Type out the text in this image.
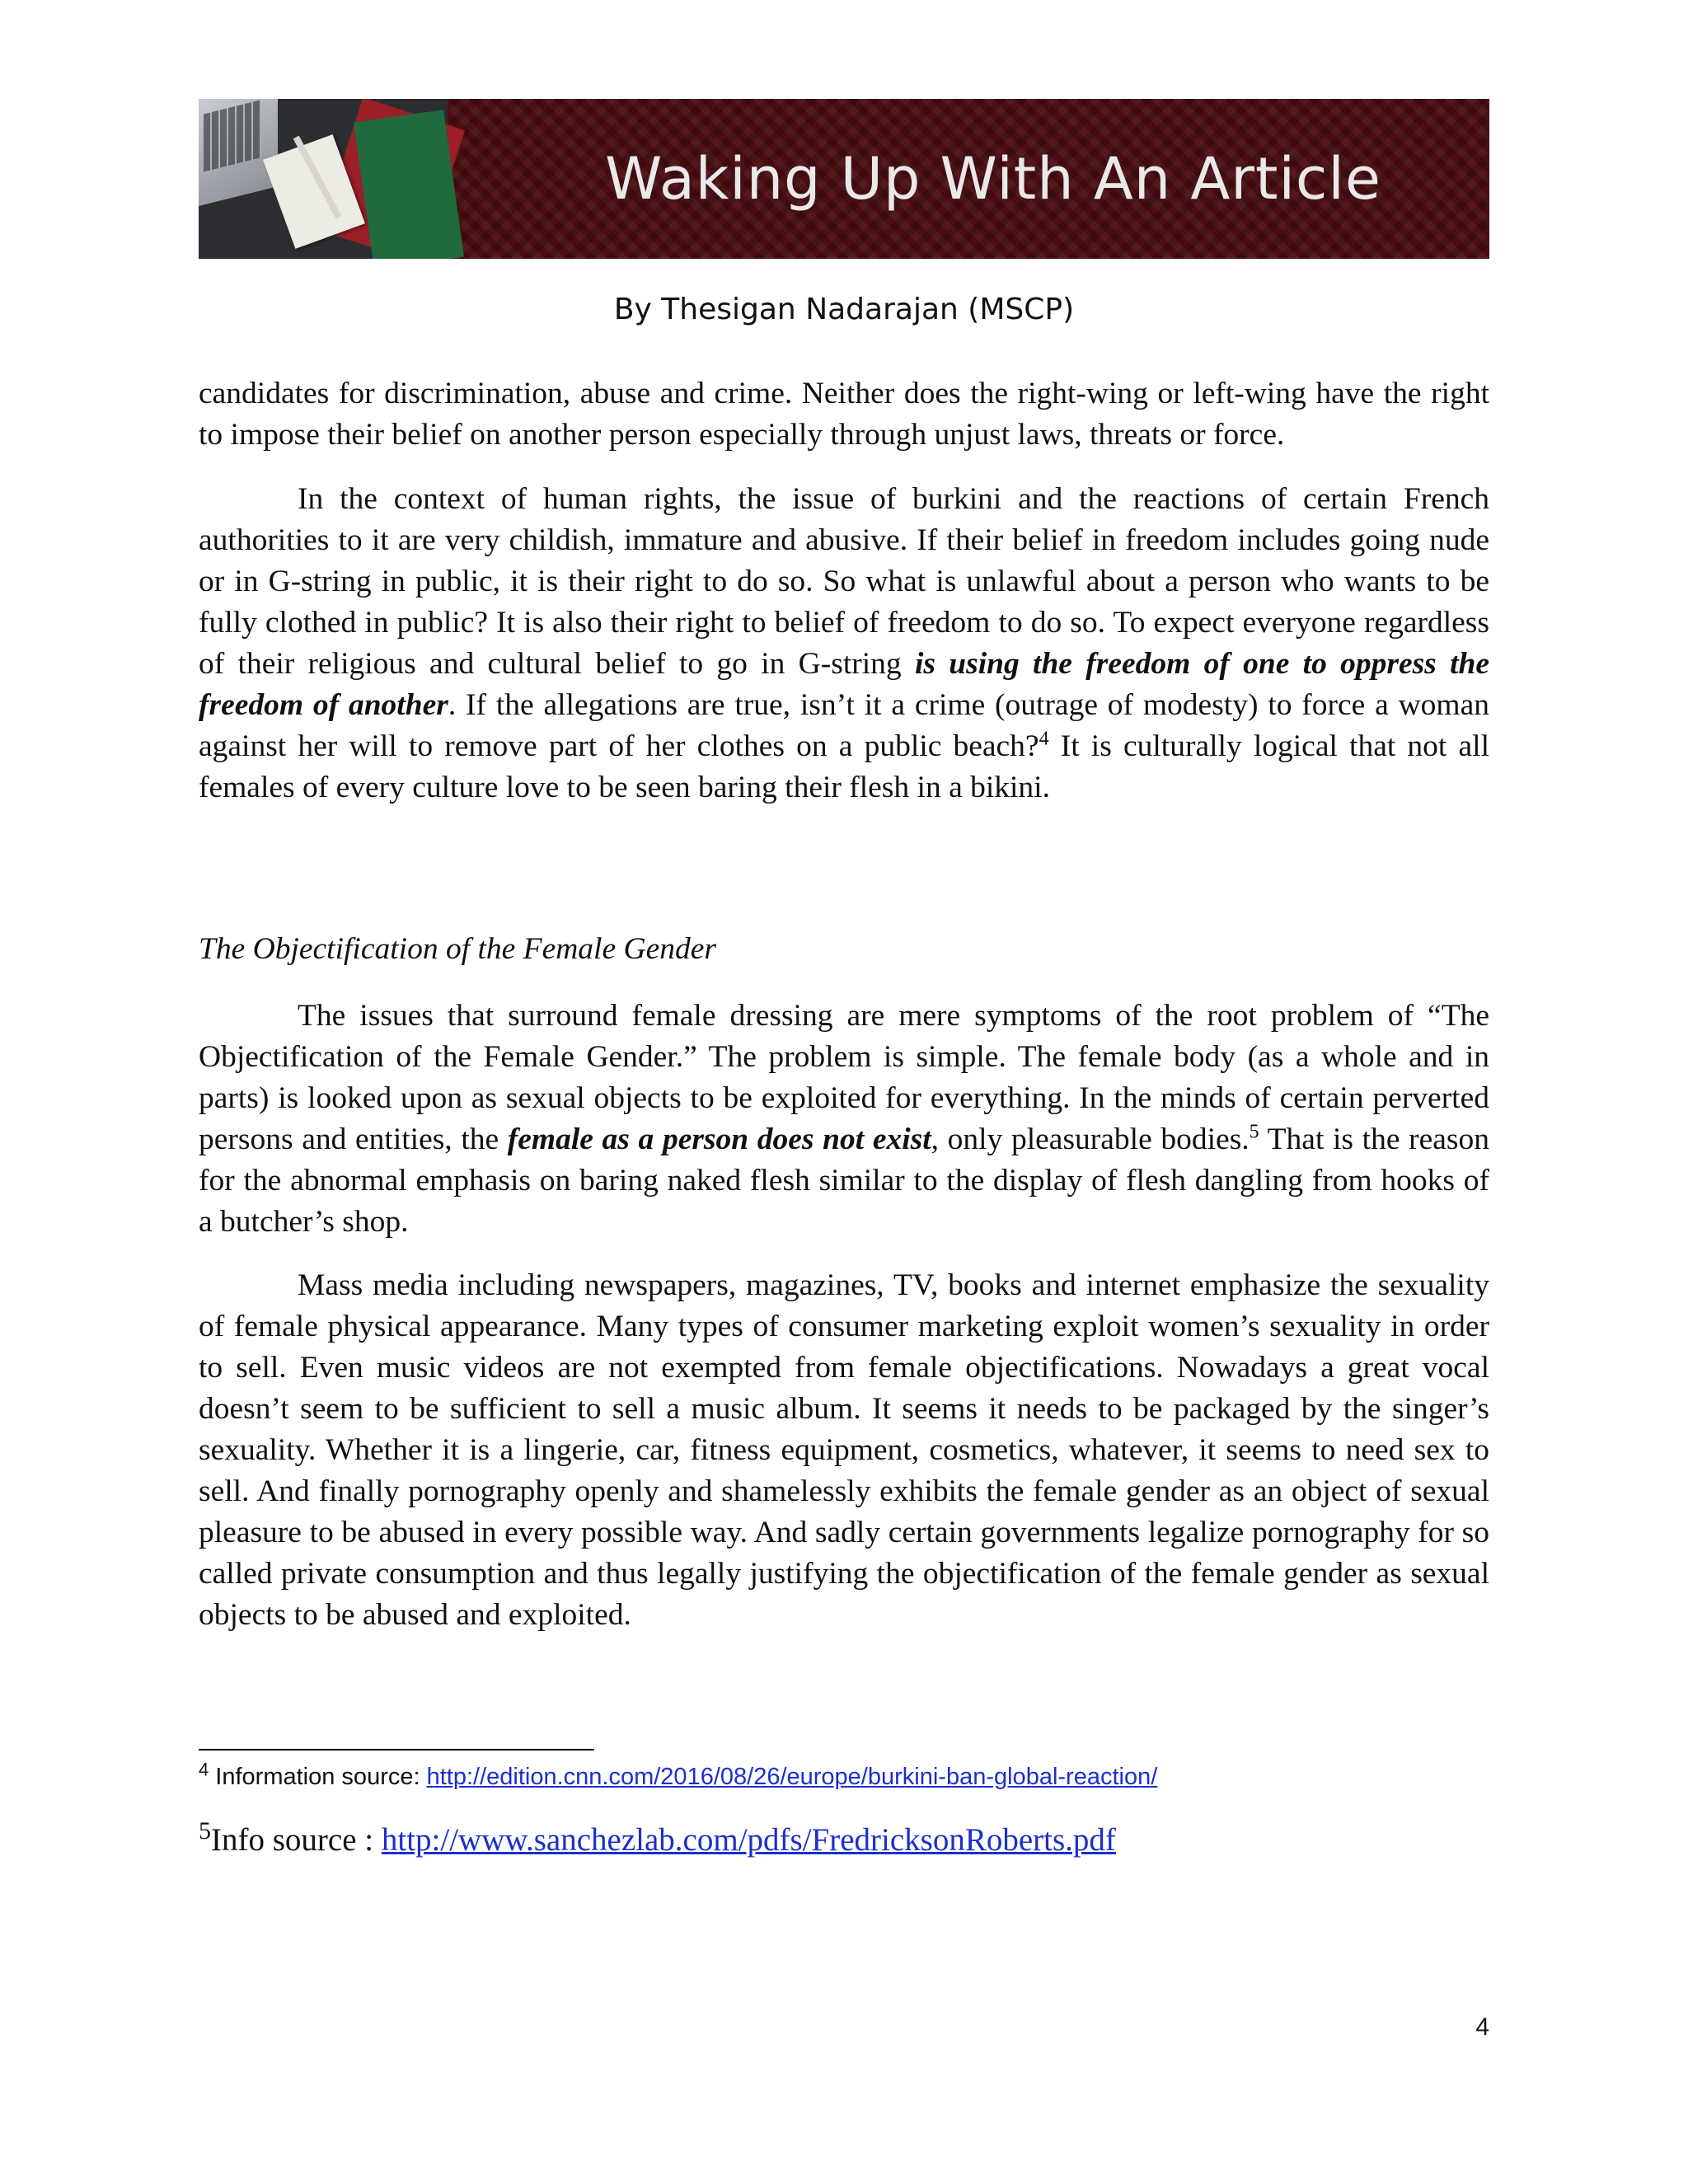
Waking Up With An Article
By Thesigan Nadarajan (MSCP)

candidates for discrimination, abuse and crime. Neither does the right-wing or left-wing have the right to impose their belief on another person especially through unjust laws, threats or force.

In the context of human rights, the issue of burkini and the reactions of certain French authorities to it are very childish, immature and abusive. If their belief in freedom includes going nude or in G-string in public, it is their right to do so. So what is unlawful about a person who wants to be fully clothed in public? It is also their right to belief of freedom to do so. To expect everyone regardless of their religious and cultural belief to go in G-string is using the freedom of one to oppress the freedom of another. If the allegations are true, isn’t it a crime (outrage of modesty) to force a woman against her will to remove part of her clothes on a public beach?$^4$ It is culturally logical that not all females of every culture love to be seen baring their flesh in a bikini.

The Objectification of the Female Gender

The issues that surround female dressing are mere symptoms of the root problem of “The Objectification of the Female Gender.” The problem is simple. The female body (as a whole and in parts) is looked upon as sexual objects to be exploited for everything. In the minds of certain perverted persons and entities, the female as a person does not exist, only pleasurable bodies.$^5$ That is the reason for the abnormal emphasis on baring naked flesh similar to the display of flesh dangling from hooks of a butcher’s shop.

Mass media including newspapers, magazines, TV, books and internet emphasize the sexuality of female physical appearance. Many types of consumer marketing exploit women’s sexuality in order to sell. Even music videos are not exempted from female objectifications. Nowadays a great vocal doesn’t seem to be sufficient to sell a music album. It seems it needs to be packaged by the singer’s sexuality. Whether it is a lingerie, car, fitness equipment, cosmetics, whatever, it seems to need sex to sell. And finally pornography openly and shamelessly exhibits the female gender as an object of sexual pleasure to be abused in every possible way. And sadly certain governments legalize pornography for so called private consumption and thus legally justifying the objectification of the female gender as sexual objects to be abused and exploited.

$^4$ Information source: http://edition.cnn.com/2016/08/26/europe/burkini-ban-global-reaction/
$^5$Info source : http://www.sanchezlab.com/pdfs/FredricksonRoberts.pdf
4
